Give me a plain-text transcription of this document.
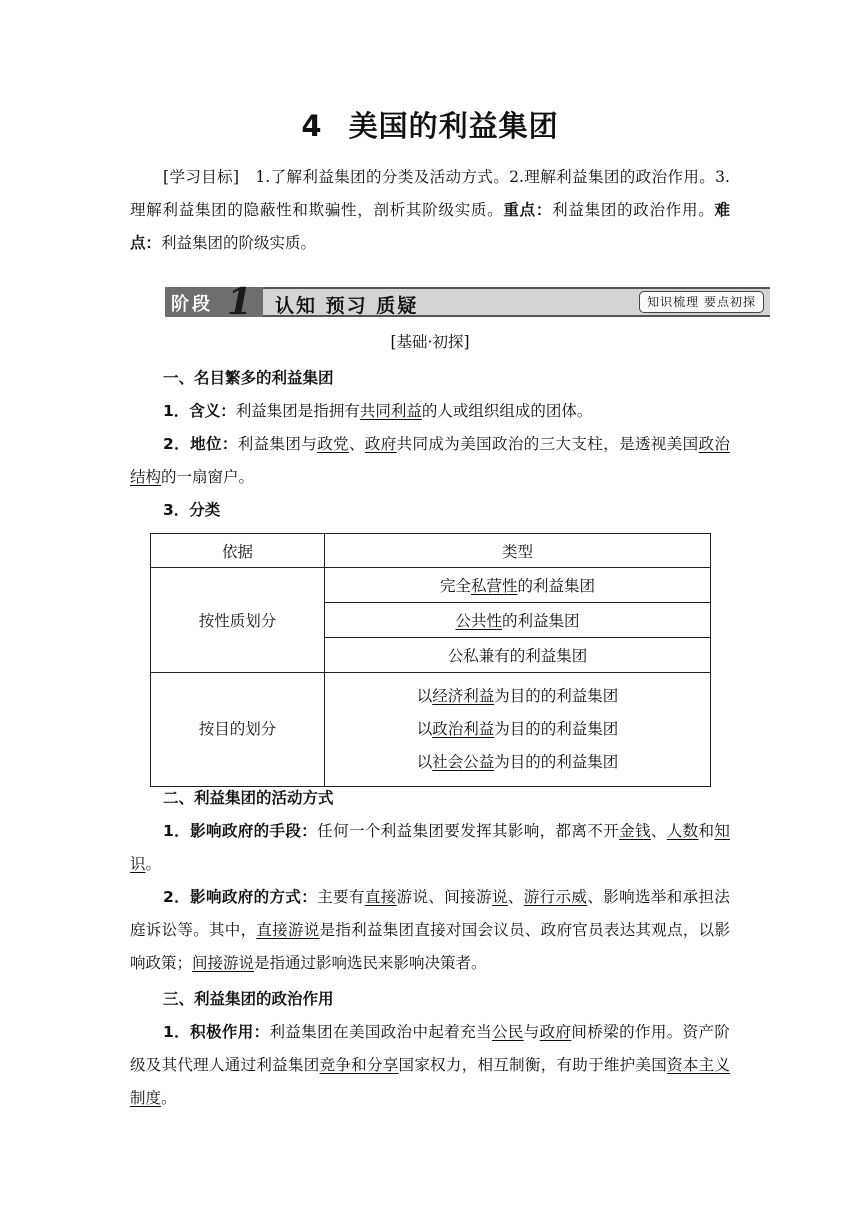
4 美国的利益集团
[学习目标]　 1.了解利益集团的分类及活动方式。2.理解利益集团的政治作用。3.理解利益集团的隐蔽性和欺骗性，剖析其阶级实质。重点：利益集团的政治作用。难点：利益集团的阶级实质。
阶段 1 认知 预习 质疑	知识梳理 要点初探
[基础·初探]
一、名目繁多的利益集团
1．含义：利益集团是指拥有共同利益的人或组织组成的团体。
2．地位：利益集团与政党、政府共同成为美国政治的三大支柱，是透视美国政治结构的一扇窗户。
3．分类
依据	类型
按性质划分	完全私营性的利益集团
	公共性的利益集团
	公私兼有的利益集团
按目的划分	以经济利益为目的的利益集团
以政治利益为目的的利益集团
以社会公益为目的的利益集团
二、利益集团的活动方式
1．影响政府的手段：任何一个利益集团要发挥其影响，都离不开金钱、人数和知识。
2．影响政府的方式：主要有直接游说、间接游说、游行示威、影响选举和承担法庭诉讼等。其中，直接游说是指利益集团直接对国会议员、政府官员表达其观点，以影响政策；间接游说是指通过影响选民来影响决策者。
三、利益集团的政治作用
1．积极作用：利益集团在美国政治中起着充当公民与政府间桥梁的作用。资产阶级及其代理人通过利益集团竞争和分享国家权力，相互制衡，有助于维护美国资本主义制度。
